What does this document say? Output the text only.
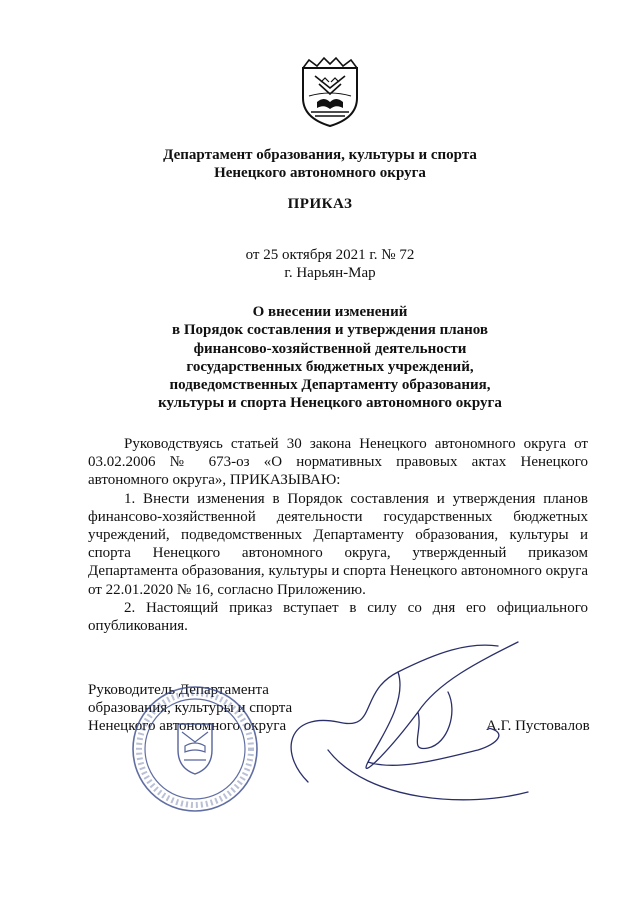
Департамент образования, культуры и спорта
Ненецкого автономного округа
ПРИКАЗ
от 25 октября 2021 г. № 72
г. Нарьян-Мар
О внесении изменений
в Порядок составления и утверждения планов
финансово-хозяйственной деятельности
государственных бюджетных учреждений,
подведомственных Департаменту образования,
культуры и спорта Ненецкого автономного округа

Руководствуясь статьей 30 закона Ненецкого автономного округа от 03.02.2006 № 673-оз «О нормативных правовых актах Ненецкого автономного округа», ПРИКАЗЫВАЮ:

1. Внести изменения в Порядок составления и утверждения планов финансово-хозяйственной деятельности государственных бюджетных учреждений, подведомственных Департаменту образования, культуры и спорта Ненецкого автономного округа, утвержденный приказом Департамента образования, культуры и спорта Ненецкого автономного округа от 22.01.2020 № 16, согласно Приложению.

2. Настоящий приказ вступает в силу со дня его официального опубликования.

Руководитель Департамента
образования, культуры и спорта
Ненецкого автономного округа	А.Г. Пустовалов
